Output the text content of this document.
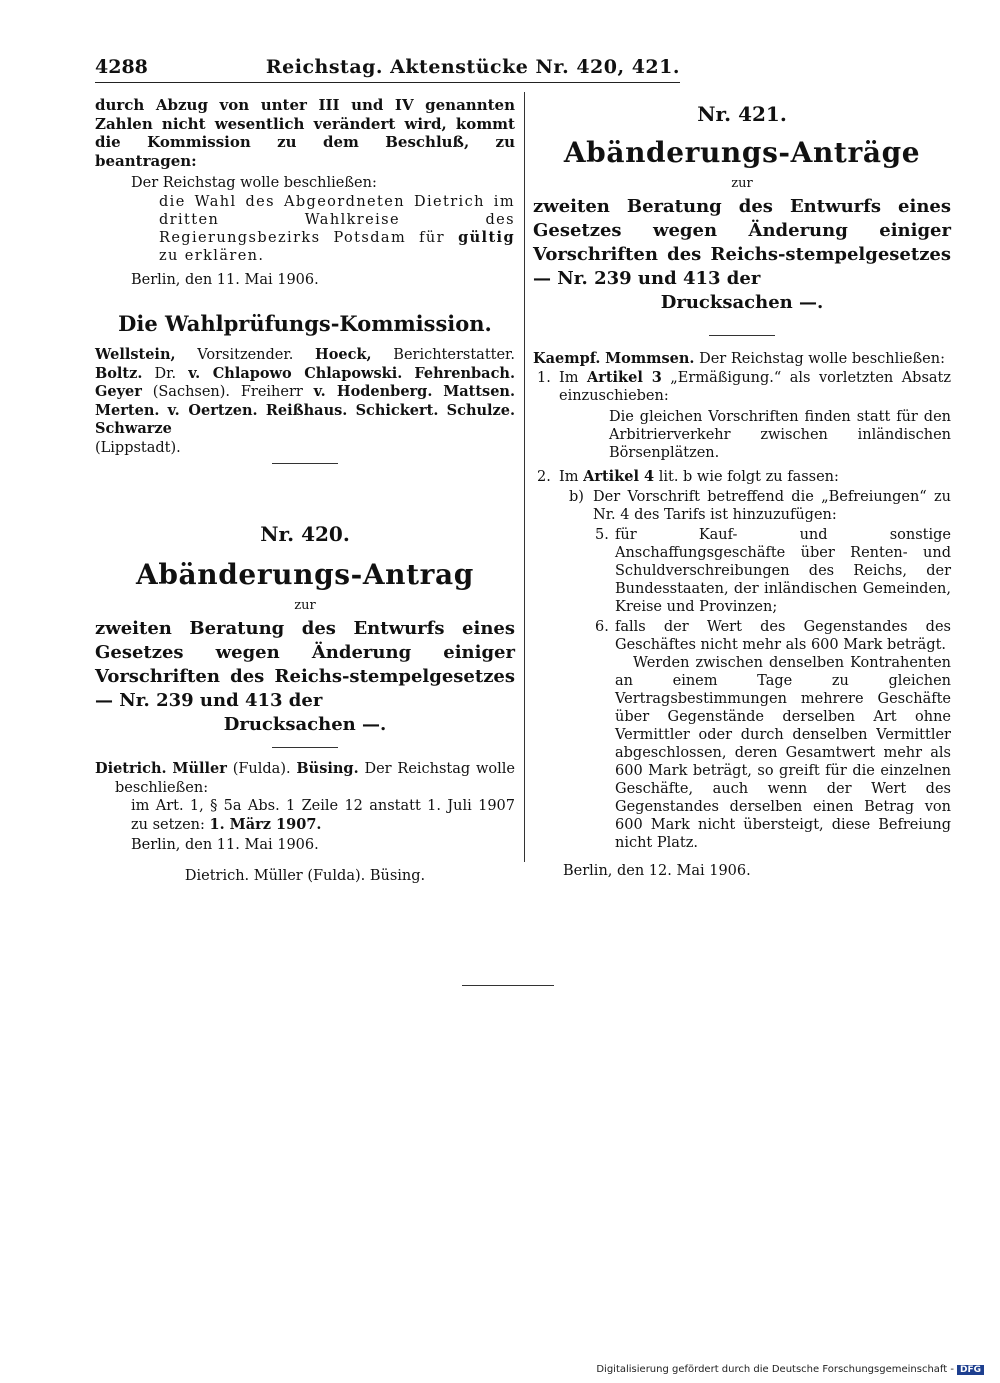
4288	Reichstag. Aktenstücke Nr. 420, 421.

durch Abzug von unter III und IV genannten Zahlen nicht wesentlich verändert wird, kommt die Kommission zu dem Beschluß, zu beantragen:

Der Reichstag wolle beschließen:

die Wahl des Abgeordneten Dietrich im dritten Wahlkreise des Regierungsbezirks Potsdam für gültig zu erklären.

Berlin, den 11. Mai 1906.

Die Wahlprüfungs-Kommission.

Wellstein, Vorsitzender. Hoeck, Berichterstatter. Boltz. Dr. v. Chlapowo Chlapowski. Fehrenbach. Geyer (Sachsen). Freiherr v. Hodenberg. Mattsen. Merten. v. Oertzen. Reißhaus. Schickert. Schulze. Schwarze

(Lippstadt).

Nr. 420.

Abänderungs-Antrag

zur

zweiten Beratung des Entwurfs eines Gesetzes wegen Änderung einiger Vorschriften des Reichs-stempelgesetzes — Nr. 239 und 413 der

Drucksachen —.

Dietrich. Müller (Fulda). Büsing. Der Reichstag wolle beschließen:

im Art. 1, § 5a Abs. 1 Zeile 12 anstatt 1. Juli 1907 zu setzen: 1. März 1907.

Berlin, den 11. Mai 1906.

Dietrich. Müller (Fulda). Büsing.

Nr. 421.

Abänderungs-Anträge

zur

zweiten Beratung des Entwurfs eines Gesetzes wegen Änderung einiger Vorschriften des Reichs-stempelgesetzes — Nr. 239 und 413 der

Drucksachen —.

Kaempf. Mommsen. Der Reichstag wolle beschließen:

1. Im Artikel 3 „Ermäßigung.“ als vorletzten Absatz einzuschieben:

Die gleichen Vorschriften finden statt für den Arbitrierverkehr zwischen inländischen Börsenplätzen.

2. Im Artikel 4 lit. b wie folgt zu fassen:
b) Der Vorschrift betreffend die „Befreiungen“ zu Nr. 4 des Tarifs ist hinzuzufügen:
5. für Kauf- und sonstige Anschaffungsgeschäfte über Renten- und Schuldverschreibungen des Reichs, der Bundesstaaten, der inländischen Gemeinden, Kreise und Provinzen;
6. falls der Wert des Gegenstandes des Geschäftes nicht mehr als 600 Mark beträgt.

Werden zwischen denselben Kontrahenten an einem Tage zu gleichen Vertragsbestimmungen mehrere Geschäfte über Gegenstände derselben Art ohne Vermittler oder durch denselben Vermittler abgeschlossen, deren Gesamtwert mehr als 600 Mark beträgt, so greift für die einzelnen Geschäfte, auch wenn der Wert des Gegenstandes derselben einen Betrag von 600 Mark nicht übersteigt, diese Befreiung nicht Platz.

Berlin, den 12. Mai 1906.

Digitalisierung gefördert durch die Deutsche Forschungsgemeinschaft - DFG
